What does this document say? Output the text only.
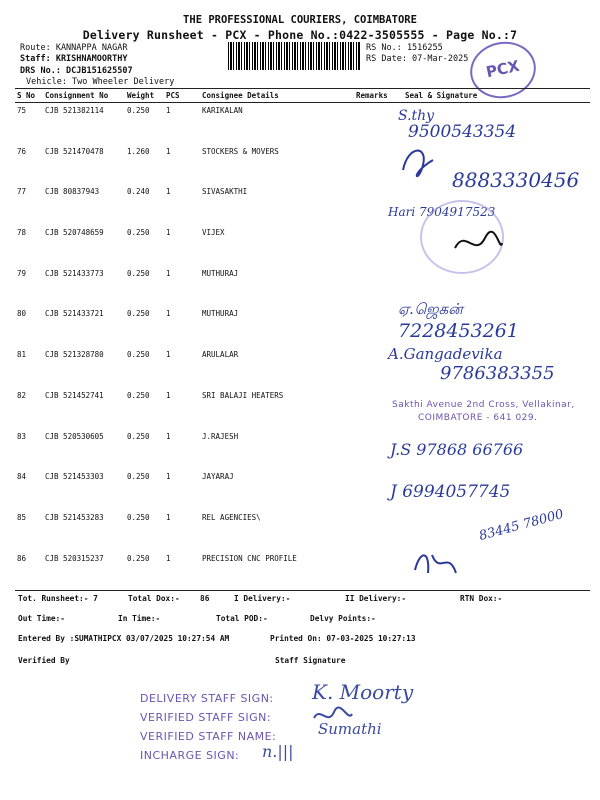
THE PROFESSIONAL COURIERS, COIMBATORE
Delivery Runsheet - PCX - Phone No.:0422-3505555 - Page No.:7
Route: KANNAPPA NAGAR
Staff: KRISHNAMOORTHY
DRS No.: DCJB151625507
Vehicle: Two Wheeler Delivery
RS No.: 1516255
RS Date: 07-Mar-2025	PCX
S No	Consignment No	Weight	PCS	Consignee Details	Remarks	Seal & Signature
75	CJB 521382114	0.250	1	KARIKALAN		
76	CJB 521470478	1.260	1	STOCKERS & MOVERS		
77	CJB 80837943	0.240	1	SIVASAKTHI		
78	CJB 520748659	0.250	1	VIJEX		
79	CJB 521433773	0.250	1	MUTHURAJ		
80	CJB 521433721	0.250	1	MUTHURAJ		
81	CJB 521328780	0.250	1	ARULALAR		
82	CJB 521452741	0.250	1	SRI BALAJI HEATERS		
83	CJB 520530605	0.250	1	J.RAJESH		
84	CJB 521453303	0.250	1	JAYARAJ		
85	CJB 521453283	0.250	1	REL AGENCIES\		
86	CJB 520315237	0.250	1	PRECISION CNC PROFILE		
S.thy
9500543354
8883330456
Hari 7904917523
ஏ.ஜெகன்
7228453261
A.Gangadevika
9786383355
Sakthi Avenue 2nd Cross, Vellakinar,
COIMBATORE - 641 029.
J.S 97868 66766
J 6994057745
83445 78000
Tot. Runsheet:- 7	Total Dox:-	86	I Delivery:-	II Delivery:-	RTN Dox:-
Out Time:-	In Time:-	Total POD:-	Delvy Points:-
Entered By :SUMATHIPCX 03/07/2025 10:27:54 AM	Printed On: 07-03-2025 10:27:13
Verified By	Staff Signature
DELIVERY STAFF SIGN: K. Moorty
VERIFIED STAFF SIGN:
VERIFIED STAFF NAME:	Sumathi
INCHARGE SIGN: n.|||
